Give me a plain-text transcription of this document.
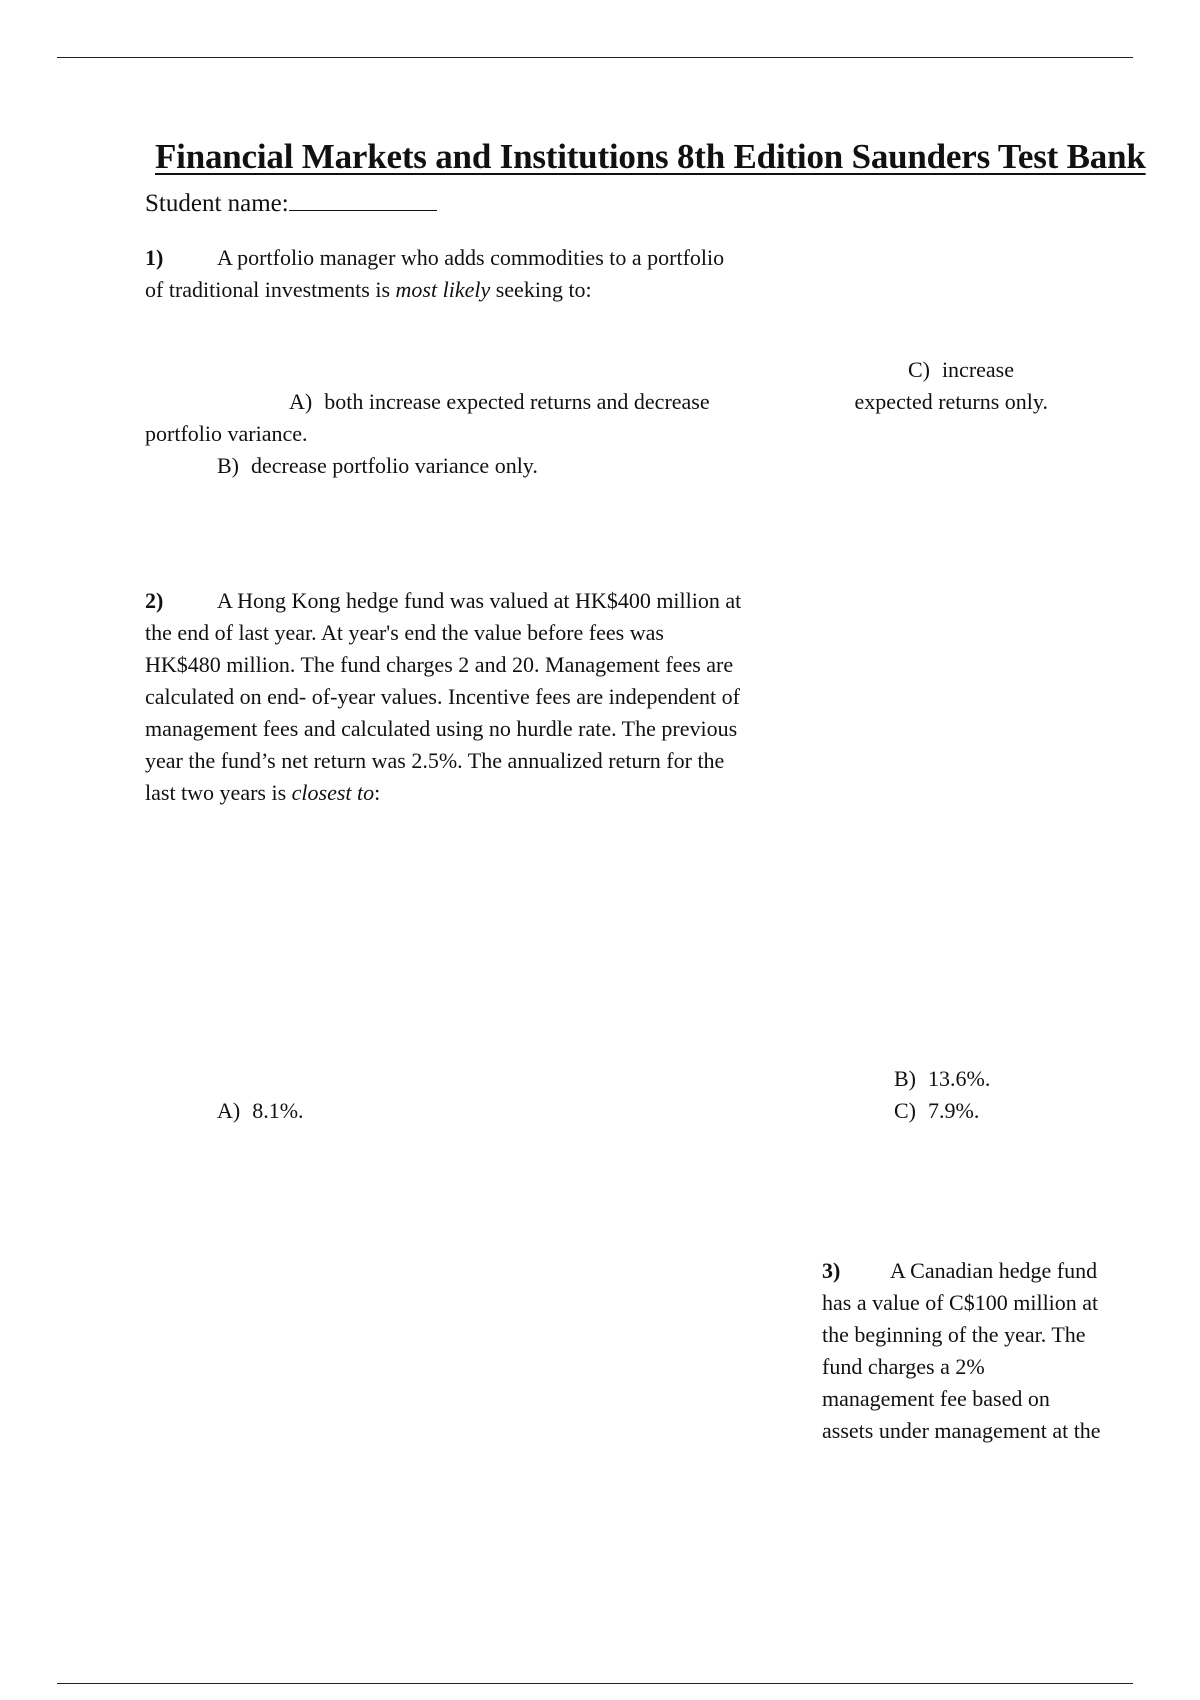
Financial Markets and Institutions 8th Edition Saunders Test Bank
Student name:
1) A portfolio manager who adds commodities to a portfolio of traditional investments is most likely seeking to:
A) both increase expected returns and decrease portfolio variance.
B) decrease portfolio variance only.
C) increase
expected returns only.
2) A Hong Kong hedge fund was valued at HK$400 million at the end of last year. At year's end the value before fees was HK$480 million. The fund charges 2 and 20. Management fees are calculated on end- of-year values. Incentive fees are independent of management fees and calculated using no hurdle rate. The previous year the fund’s net return was 2.5%. The annualized return for the last two years is closest to:
A) 8.1%.
B) 13.6%.
C) 7.9%.
3) A Canadian hedge fund has a value of C$100 million at the beginning of the year. The fund charges a 2% management fee based on assets under management at the
